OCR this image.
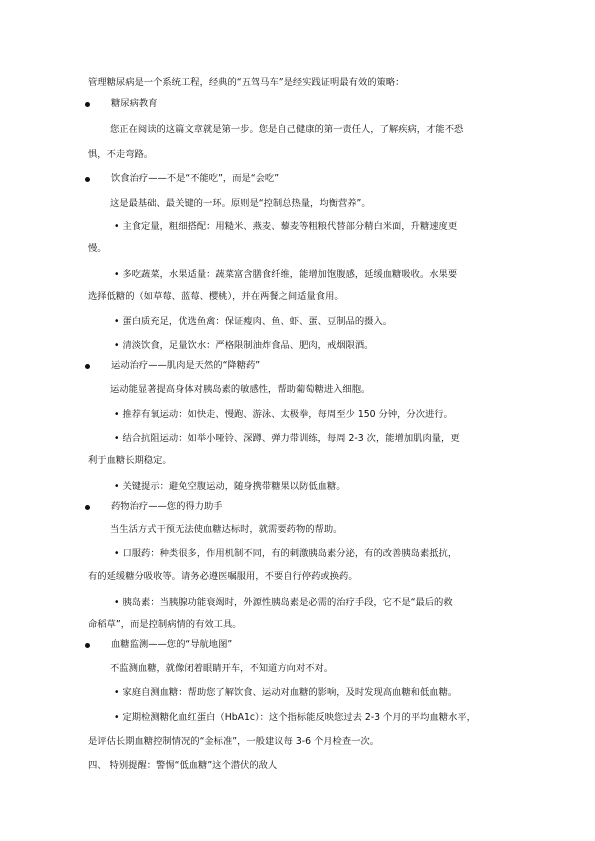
管理糖尿病是一个系统工程，经典的“五驾马车”是经实践证明最有效的策略：
糖尿病教育
您正在阅读的这篇文章就是第一步。您是自己健康的第一责任人，了解疾病，才能不恐
惧，不走弯路。
饮食治疗——不是“不能吃”，而是“会吃”
这是最基础、最关键的一环。原则是“控制总热量，均衡营养”。
• 主食定量，粗细搭配：用糙米、燕麦、藜麦等粗粮代替部分精白米面，升糖速度更
慢。
• 多吃蔬菜，水果适量：蔬菜富含膳食纤维，能增加饱腹感，延缓血糖吸收。水果要
选择低糖的（如草莓、蓝莓、樱桃），并在两餐之间适量食用。
• 蛋白质充足，优选鱼禽：保证瘦肉、鱼、虾、蛋、豆制品的摄入。
• 清淡饮食，足量饮水：严格限制油炸食品、肥肉，戒烟限酒。
运动治疗——肌肉是天然的“降糖药”
运动能显著提高身体对胰岛素的敏感性，帮助葡萄糖进入细胞。
• 推荐有氧运动：如快走、慢跑、游泳、太极拳，每周至少 150 分钟，分次进行。
• 结合抗阻运动：如举小哑铃、深蹲、弹力带训练，每周 2-3 次，能增加肌肉量，更
利于血糖长期稳定。
• 关键提示：避免空腹运动，随身携带糖果以防低血糖。
药物治疗——您的得力助手
当生活方式干预无法使血糖达标时，就需要药物的帮助。
• 口服药：种类很多，作用机制不同，有的刺激胰岛素分泌，有的改善胰岛素抵抗，
有的延缓糖分吸收等。请务必遵医嘱服用，不要自行停药或换药。
• 胰岛素：当胰腺功能衰竭时，外源性胰岛素是必需的治疗手段，它不是“最后的救
命稻草”，而是控制病情的有效工具。
血糖监测——您的“导航地图”
不监测血糖，就像闭着眼睛开车，不知道方向对不对。
• 家庭自测血糖：帮助您了解饮食、运动对血糖的影响，及时发现高血糖和低血糖。
• 定期检测糖化血红蛋白（HbA1c）：这个指标能反映您过去 2-3 个月的平均血糖水平，
是评估长期血糖控制情况的“金标准”，一般建议每 3-6 个月检查一次。
四、 特别提醒：警惕“低血糖”这个潜伏的敌人
